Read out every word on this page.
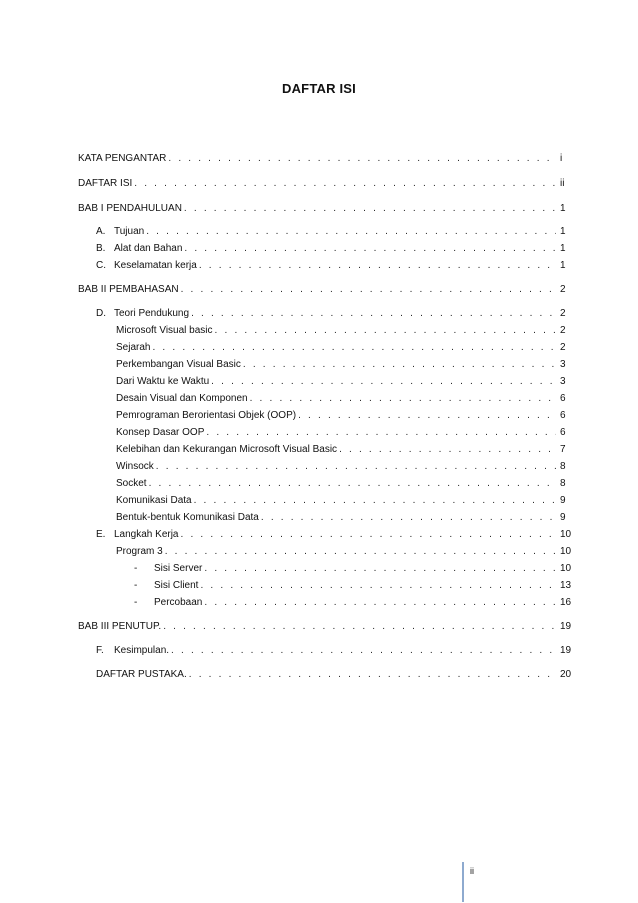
DAFTAR ISI
KATA PENGANTAR . . .	i
DAFTAR ISI . . .	ii
BAB I PENDAHULUAN . . .	1
A. Tujuan . . .	1
B. Alat dan Bahan . . .	1
C. Keselamatan kerja . . .	1
BAB II PEMBAHASAN . . .	2
D. Teori Pendukung . . .	2
Microsoft Visual basic . . .	2
Sejarah . . .	2
Perkembangan Visual Basic . . .	3
Dari Waktu ke Waktu . . .	3
Desain Visual dan Komponen . . .	6
Pemrograman Berorientasi Objek (OOP) . . .	6
Konsep Dasar OOP . . .	6
Kelebihan dan Kekurangan Microsoft Visual Basic . . .	7
Winsock . . .	8
Socket . . .	8
Komunikasi Data . . .	9
Bentuk-bentuk Komunikasi Data . . .	9
E. Langkah Kerja . . .	10
Program 3 . . .	10
-	Sisi Server . . .	10
-	Sisi Client . . .	13
-	Percobaan . . .	16
BAB III PENUTUP. . . .	19
F.	Kesimpulan. . . .	19
DAFTAR PUSTAKA. . . .	20
ii
